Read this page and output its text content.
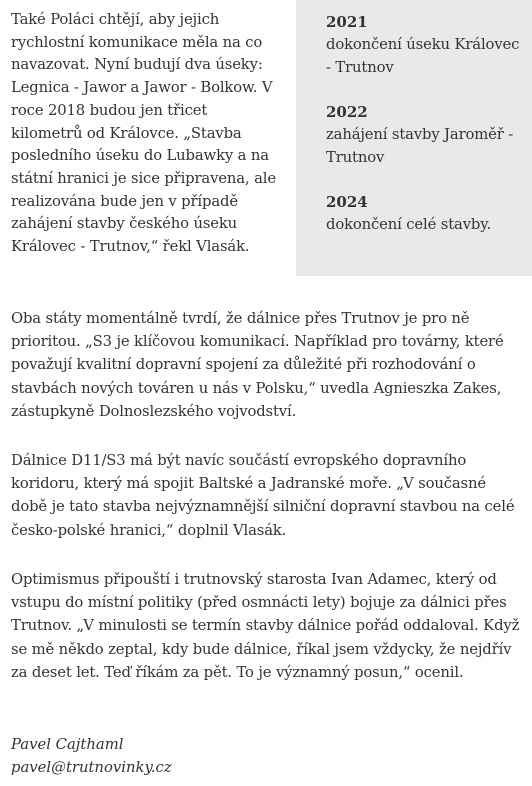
Také Poláci chtějí, aby jejich rychlostní komunikace měla na co navazovat. Nyní budují dva úseky: Legnica - Jawor a Jawor - Bolkow. V roce 2018 budou jen třicet kilometrů od Královce. „Stavba posledního úseku do Lubawky a na státní hranici je sice připravena, ale realizována bude jen v případě zahájení stavby českého úseku Královec - Trutnov,“ řekl Vlasák.
2021
dokončení úseku Královec - Trutnov
2022
zahájení stavby Jaroměř - Trutnov
2024
dokončení celé stavby.

Oba státy momentálně tvrdí, že dálnice přes Trutnov je pro ně prioritou. „S3 je klíčovou komunikací. Například pro továrny, které považují kvalitní dopravní spojení za důležité při rozhodování o stavbách nových továren u nás v Polsku,“ uvedla Agnieszka Zakes, zástupkyně Dolnoslezského vojvodství.

Dálnice D11/S3 má být navíc součástí evropského dopravního koridoru, který má spojit Baltské a Jadranské moře. „V současné době je tato stavba nejvýznamnější silniční dopravní stavbou na celé česko-polské hranici,“ doplnil Vlasák.

Optimismus připouští i trutnovský starosta Ivan Adamec, který od vstupu do místní politiky (před osmnácti lety) bojuje za dálnici přes Trutnov. „V minulosti se termín stavby dálnice pořád oddaloval. Když se mě někdo zeptal, kdy bude dálnice, říkal jsem vždycky, že nejdřív za deset let. Teď říkám za pět. To je významný posun,“ ocenil.

Pavel Cajthaml
pavel@trutnovinky.cz
